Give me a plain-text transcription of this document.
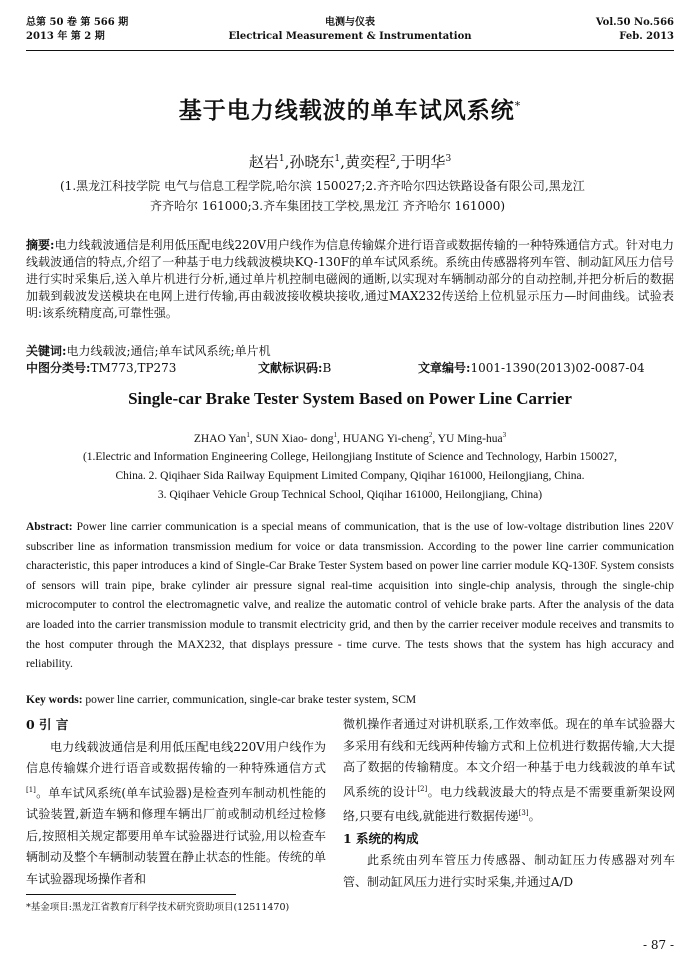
总第 50 卷 第 566 期
2013 年 第 2 期
电测与仪表
Electrical Measurement & Instrumentation
Vol.50 No.566
Feb. 2013
基于电力线载波的单车试风系统*
赵岩$^1$,孙晓东$^1$,黄奕程$^2$,于明华$^3$
(1.黑龙江科技学院 电气与信息工程学院,哈尔滨 150027;2.齐齐哈尔四达铁路设备有限公司,黑龙江
齐齐哈尔 161000;3.齐车集团技工学校,黑龙江 齐齐哈尔 161000)
摘要:电力线载波通信是利用低压配电线220V用户线作为信息传输媒介进行语音或数据传输的一种特殊通信方式。针对电力线载波通信的特点,介绍了一种基于电力线载波模块KQ-130F的单车试风系统。系统由传感器将列车管、制动缸风压力信号进行实时采集后,送入单片机进行分析,通过单片机控制电磁阀的通断,以实现对车辆制动部分的自动控制,并把分析后的数据加载到载波发送模块在电网上进行传输,再由载波接收模块接收,通过MAX232传送给上位机显示压力—时间曲线。试验表明:该系统精度高,可靠性强。
关键词:电力线载波;通信;单车试风系统;单片机
中图分类号:TM773,TP273	文献标识码:B	文章编号:1001-1390(2013)02-0087-04
Single-car Brake Tester System Based on Power Line Carrier
ZHAO Yan$^1$, SUN Xiao- dong$^1$, HUANG Yi-cheng$^2$, YU Ming-hua$^3$
(1.Electric and Information Engineering College, Heilongjiang Institute of Science and Technology, Harbin 150027,
China. 2. Qiqihaer Sida Railway Equipment Limited Company, Qiqihar 161000, Heilongjiang, China.
3. Qiqihaer Vehicle Group Technical School, Qiqihar 161000, Heilongjiang, China)
Abstract: Power line carrier communication is a special means of communication, that is the use of low-voltage distribution lines 220V subscriber line as information transmission medium for voice or data transmission. According to the power line carrier communication characteristic, this paper introduces a kind of Single-Car Brake Tester System based on power line carrier module KQ-130F. System consists of sensors will train pipe, brake cylinder air pressure signal real-time acquisition into single-chip analysis, through the single-chip microcomputer to control the electromagnetic valve, and realize the automatic control of vehicle brake parts. After the analysis of the data are loaded into the carrier transmission module to transmit electricity grid, and then by the carrier receiver module receives and transmits to the host computer through the MAX232, that displays pressure - time curve. The tests shows that the system has high accuracy and reliability.
Key words: power line carrier, communication, single-car brake tester system, SCM
0 引 言
电力线载波通信是利用低压配电线220V用户线作为信息传输媒介进行语音或数据传输的一种特殊通信方式[1]。单车试风系统(单车试验器)是检查列车制动机性能的试验装置,新造车辆和修理车辆出厂前或制动机经过检修后,按照相关规定都要用单车试验器进行试验,用以检查车辆制动及整个车辆制动装置在静止状态的性能。传统的单车试验器现场操作者和
微机操作者通过对讲机联系,工作效率低。现在的单车试验器大多采用有线和无线两种传输方式和上位机进行数据传输,大大提高了数据的传输精度。本文介绍一种基于电力线载波的单车试风系统的设计[2]。电力线载波最大的特点是不需要重新架设网络,只要有电线,就能进行数据传递[3]。
1 系统的构成
此系统由列车管压力传感器、制动缸压力传感器对列车管、制动缸风压力进行实时采集,并通过A/D
*基金项目:黑龙江省教育厅科学技术研究资助项目(12511470)
- 87 -
